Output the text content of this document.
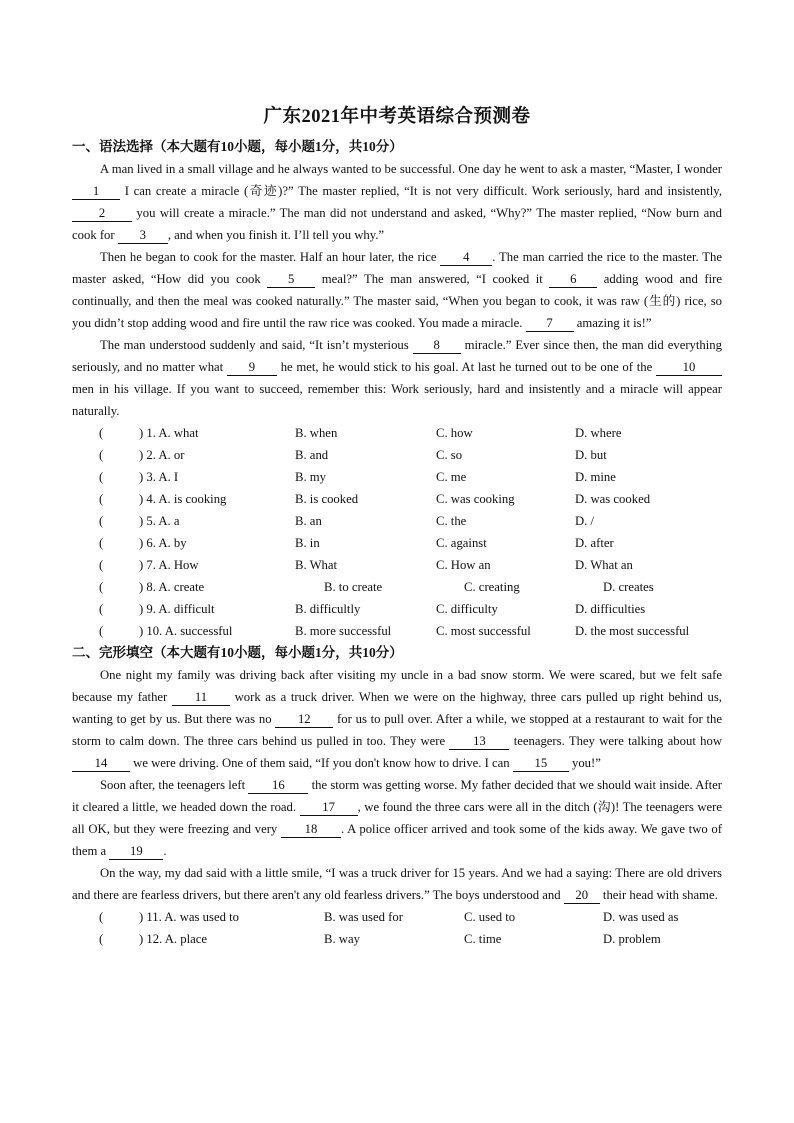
广东2021年中考英语综合预测卷
一、语法选择（本大题有10小题，每小题1分，共10分）
A man lived in a small village and he always wanted to be successful. One day he went to ask a master, “Master, I wonder 1 I can create a miracle (奇迹)?” The master replied, “It is not very difficult. Work seriously, hard and insistently, 2 you will create a miracle.” The man did not understand and asked, “Why?” The master replied, “Now burn and cook for 3 , and when you finish it. I’ll tell you why.”
Then he began to cook for the master. Half an hour later, the rice 4 . The man carried the rice to the master. The master asked, “How did you cook 5 meal?” The man answered, “I cooked it 6 adding wood and fire continually, and then the meal was cooked naturally.” The master said, “When you began to cook, it was raw (生的) rice, so you didn’t stop adding wood and fire until the raw rice was cooked. You made a miracle. 7 amazing it is!”
The man understood suddenly and said, “It isn’t mysterious 8 miracle.” Ever since then, the man did everything seriously, and no matter what 9 he met, he would stick to his goal. At last he turned out to be one of the 10 men in his village. If you want to succeed, remember this: Work seriously, hard and insistently and a miracle will appear naturally.
(	) 1. A. what	B. when	C. how	D. where
(	) 2. A. or	B. and	C. so	D. but
(	) 3. A. I	B. my	C. me	D. mine
(	) 4. A. is cooking	B. is cooked	C. was cooking	D. was cooked
(	) 5. A. a	B. an	C. the	D. /
(	) 6. A. by	B. in	C. against	D. after
(	) 7. A. How	B. What	C. How an	D. What an
(	) 8. A. create	B. to create	C. creating	D. creates
(	) 9. A. difficult	B. difficultly	C. difficulty	D. difficulties
(	) 10. A. successful	B. more successful	C. most successful	D. the most successful
二、完形填空（本大题有10小题，每小题1分，共10分）
One night my family was driving back after visiting my uncle in a bad snow storm. We were scared, but we felt safe because my father 11 work as a truck driver. When we were on the highway, three cars pulled up right behind us, wanting to get by us. But there was no 12 for us to pull over. After a while, we stopped at a restaurant to wait for the storm to calm down. The three cars behind us pulled in too. They were 13 teenagers. They were talking about how14 we were driving. One of them said, “If you don't know how to drive. I can 15 you!”
Soon after, the teenagers left 16 the storm was getting worse. My father decided that we should wait inside. After it cleared a little, we headed down the road. 17 , we found the three cars were all in the ditch (沟)! The teenagers were all OK, but they were freezing and very 18 . A police officer arrived and took some of the kids away. We gave two of them a 19 .
On the way, my dad said with a little smile, “I was a truck driver for 15 years. And we had a saying: There are old drivers and there are fearless drivers, but there aren't any old fearless drivers.” The boys understood and 20 their head with shame.
(	) 11. A. was used to	B. was used for	C. used to	D. was used as
(	) 12. A. place	B. way	C. time	D. problem
